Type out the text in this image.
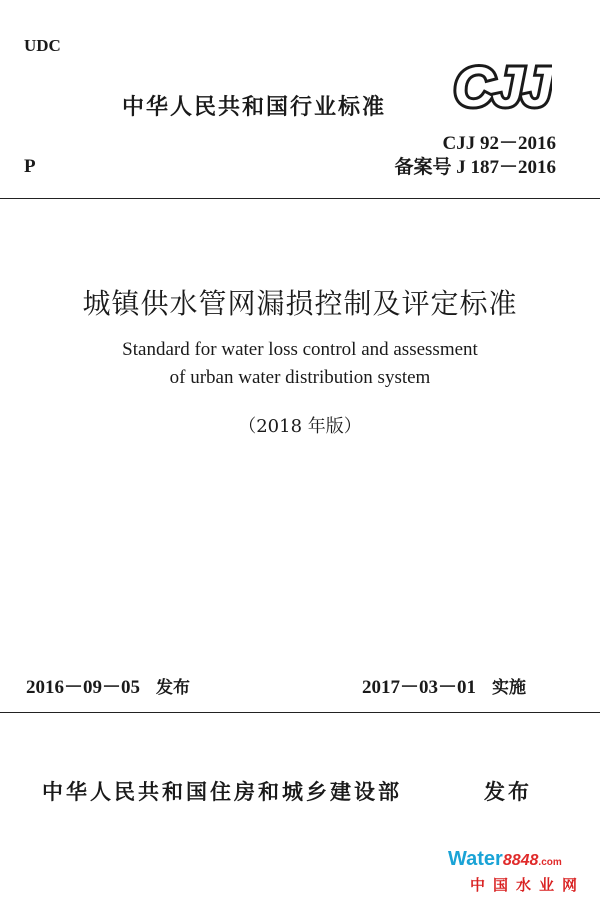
UDC
中华人民共和国行业标准 CJJ
CJJ 92－2016
备案号 J 187－2016
P
城镇供水管网漏损控制及评定标准
Standard for water loss control and assessment
of urban water distribution system
（2018 年版）
2016－09－05 发布	2017－03－01 实施
中华人民共和国住房和城乡建设部	发布
Water8848.com
中国水业网
